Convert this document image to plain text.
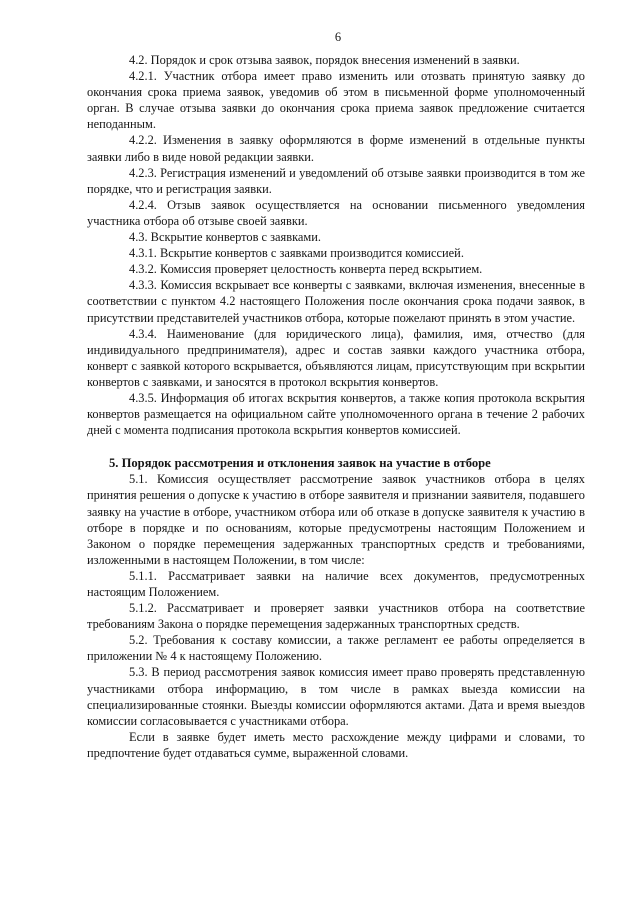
6

4.2. Порядок и срок отзыва заявок, порядок внесения изменений в заявки.

4.2.1. Участник отбора имеет право изменить или отозвать принятую заявку до окончания срока приема заявок, уведомив об этом в письменной форме уполномоченный орган. В случае отзыва заявки до окончания срока приема заявок предложение считается неподанным.

4.2.2. Изменения в заявку оформляются в форме изменений в отдельные пункты заявки либо в виде новой редакции заявки.

4.2.3. Регистрация изменений и уведомлений об отзыве заявки производится в том же порядке, что и регистрация заявки.

4.2.4. Отзыв заявок осуществляется на основании письменного уведомления участника отбора об отзыве своей заявки.

4.3. Вскрытие конвертов с заявками.

4.3.1. Вскрытие конвертов с заявками производится комиссией.

4.3.2. Комиссия проверяет целостность конверта перед вскрытием.

4.3.3. Комиссия вскрывает все конверты с заявками, включая изменения, внесенные в соответствии с пунктом 4.2 настоящего Положения после окончания срока подачи заявок, в присутствии представителей участников отбора, которые пожелают принять в этом участие.

4.3.4. Наименование (для юридического лица), фамилия, имя, отчество (для индивидуального предпринимателя), адрес и состав заявки каждого участника отбора, конверт с заявкой которого вскрывается, объявляются лицам, присутствующим при вскрытии конвертов с заявками, и заносятся в протокол вскрытия конвертов.

4.3.5. Информация об итогах вскрытия конвертов, а также копия протокола вскрытия конвертов размещается на официальном сайте уполномоченного органа в течение 2 рабочих дней с момента подписания протокола вскрытия конвертов комиссией.

5. Порядок рассмотрения и отклонения заявок на участие в отборе

5.1. Комиссия осуществляет рассмотрение заявок участников отбора в целях принятия решения о допуске к участию в отборе заявителя и признании заявителя, подавшего заявку на участие в отборе, участником отбора или об отказе в допуске заявителя к участию в отборе в порядке и по основаниям, которые предусмотрены настоящим Положением и Законом о порядке перемещения задержанных транспортных средств и требованиями, изложенными в настоящем Положении, в том числе:

5.1.1. Рассматривает заявки на наличие всех документов, предусмотренных настоящим Положением.

5.1.2. Рассматривает и проверяет заявки участников отбора на соответствие требованиям Закона о порядке перемещения задержанных транспортных средств.

5.2. Требования к составу комиссии, а также регламент ее работы определяется в приложении № 4 к настоящему Положению.

5.3. В период рассмотрения заявок комиссия имеет право проверять представленную участниками отбора информацию, в том числе в рамках выезда комиссии на специализированные стоянки. Выезды комиссии оформляются актами. Дата и время выездов комиссии согласовывается с участниками отбора.

Если в заявке будет иметь место расхождение между цифрами и словами, то предпочтение будет отдаваться сумме, выраженной словами.
